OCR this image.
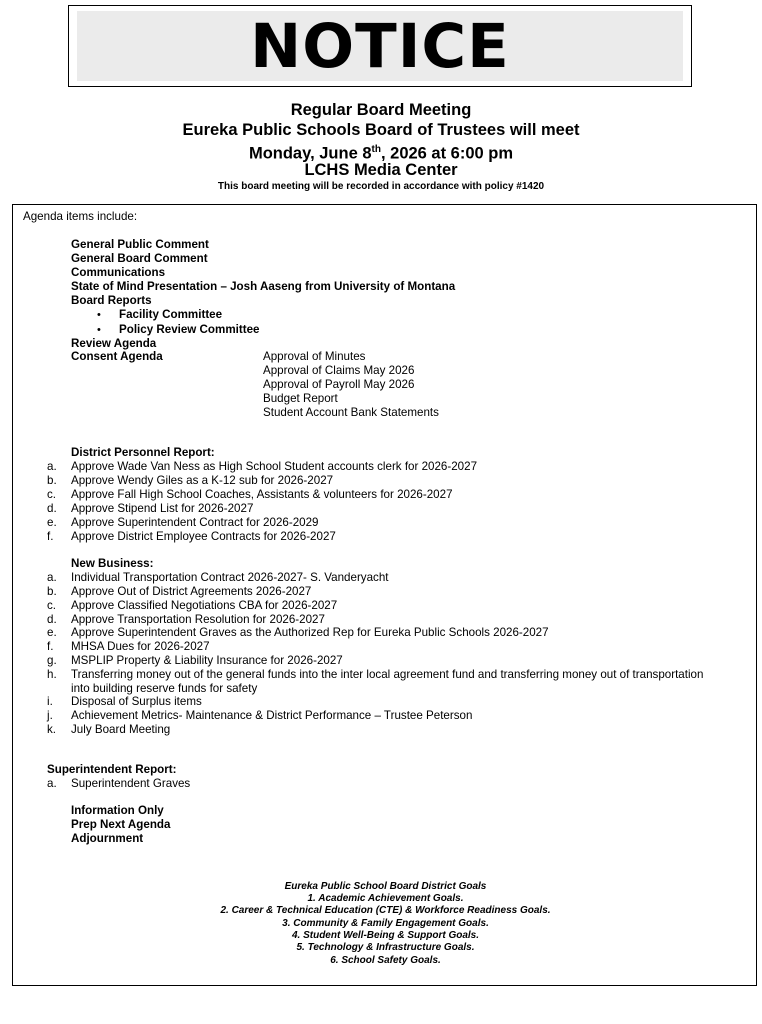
NOTICE
Regular Board Meeting
Eureka Public Schools Board of Trustees will meet
Monday, June 8th, 2026 at 6:00 pm
LCHS Media Center
This board meeting will be recorded in accordance with policy #1420
Agenda items include:
General Public Comment
General Board Comment
Communications
State of Mind Presentation – Josh Aaseng from University of Montana
Board Reports
• Facility Committee
• Policy Review Committee
Review Agenda
Consent Agenda	Approval of Minutes
Approval of Claims May 2026
Approval of Payroll May 2026
Budget Report
Student Account Bank Statements
District Personnel Report:
a. Approve Wade Van Ness as High School Student accounts clerk for 2026-2027
b. Approve Wendy Giles as a K-12 sub for 2026-2027
c. Approve Fall High School Coaches, Assistants & volunteers for 2026-2027
d. Approve Stipend List for 2026-2027
e. Approve Superintendent Contract for 2026-2029
f. Approve District Employee Contracts for 2026-2027
New Business:
a. Individual Transportation Contract 2026-2027- S. Vanderyacht
b. Approve Out of District Agreements 2026-2027
c. Approve Classified Negotiations CBA for 2026-2027
d. Approve Transportation Resolution for 2026-2027
e. Approve Superintendent Graves as the Authorized Rep for Eureka Public Schools 2026-2027
f. MHSA Dues for 2026-2027
g. MSPLIP Property & Liability Insurance for 2026-2027
h. Transferring money out of the general funds into the inter local agreement fund and transferring money out of transportation
into building reserve funds for safety
i. Disposal of Surplus items
j. Achievement Metrics- Maintenance & District Performance – Trustee Peterson
k. July Board Meeting
Superintendent Report:
a. Superintendent Graves
Information Only
Prep Next Agenda
Adjournment
Eureka Public School Board District Goals
1. Academic Achievement Goals.
2. Career & Technical Education (CTE) & Workforce Readiness Goals.
3. Community & Family Engagement Goals.
4. Student Well-Being & Support Goals.
5. Technology & Infrastructure Goals.
6. School Safety Goals.
